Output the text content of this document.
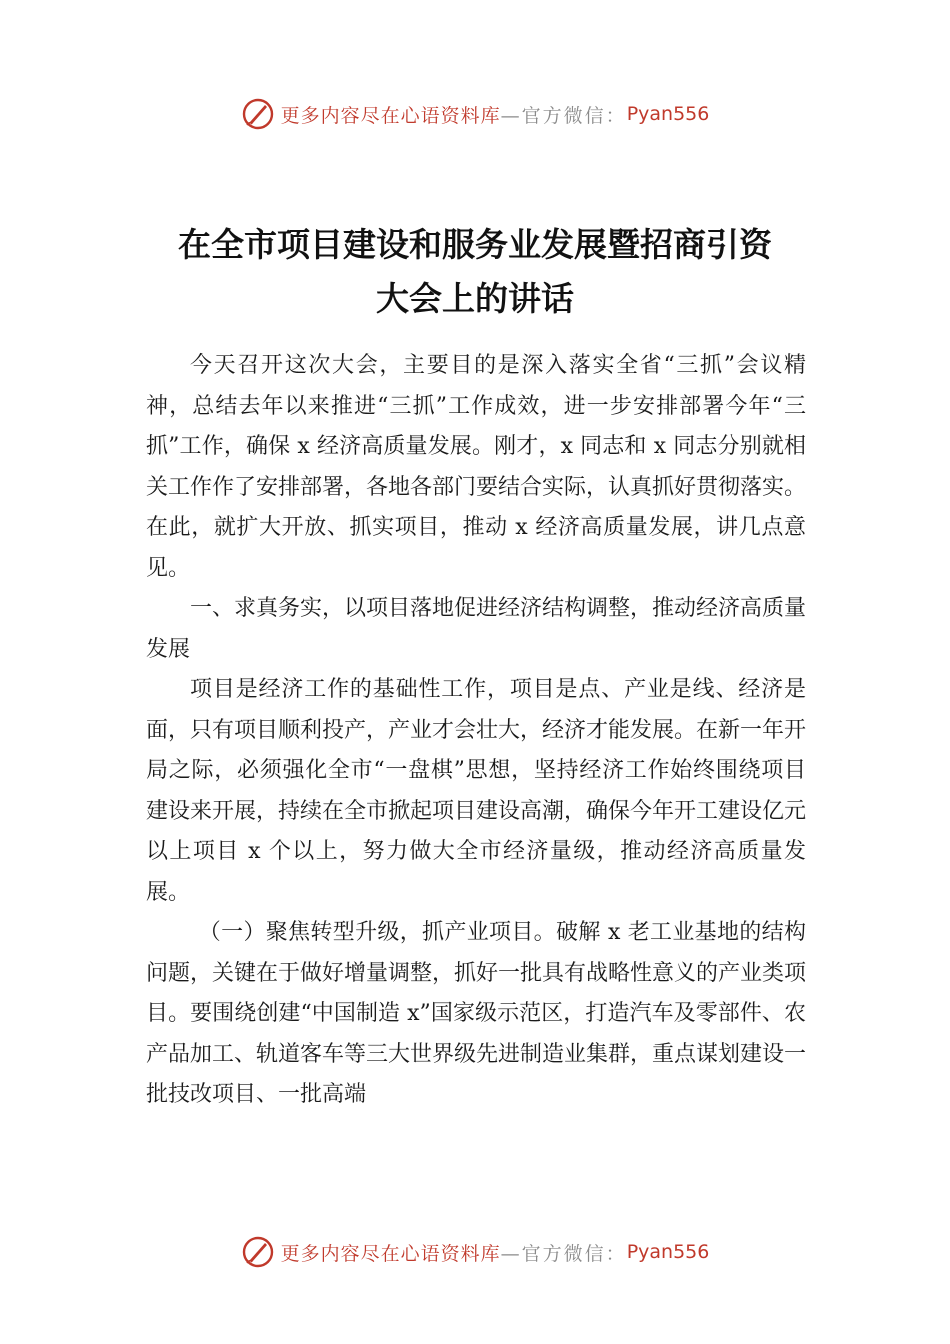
更多内容尽在心语资料库 —官方微信： Pyan556
在全市项目建设和服务业发展暨招商引资
大会上的讲话

今天召开这次大会，主要目的是深入落实全省“三抓”会议精神，总结去年以来推进“三抓”工作成效，进一步安排部署今年“三抓”工作，确保 x 经济高质量发展。刚才，x 同志和 x 同志分别就相关工作作了安排部署，各地各部门要结合实际，认真抓好贯彻落实。在此，就扩大开放、抓实项目，推动 x 经济高质量发展，讲几点意见。

一、求真务实，以项目落地促进经济结构调整，推动经济高质量发展

项目是经济工作的基础性工作，项目是点、产业是线、经济是面，只有项目顺利投产，产业才会壮大，经济才能发展。在新一年开局之际，必须强化全市“一盘棋”思想，坚持经济工作始终围绕项目建设来开展，持续在全市掀起项目建设高潮，确保今年开工建设亿元以上项目 x 个以上，努力做大全市经济量级，推动经济高质量发展。

（一）聚焦转型升级，抓产业项目。破解 x 老工业基地的结构问题，关键在于做好增量调整，抓好一批具有战略性意义的产业类项目。要围绕创建“中国制造 x”国家级示范区，打造汽车及零部件、农产品加工、轨道客车等三大世界级先进制造业集群，重点谋划建设一批技改项目、一批高端

更多内容尽在心语资料库 —官方微信： Pyan556
